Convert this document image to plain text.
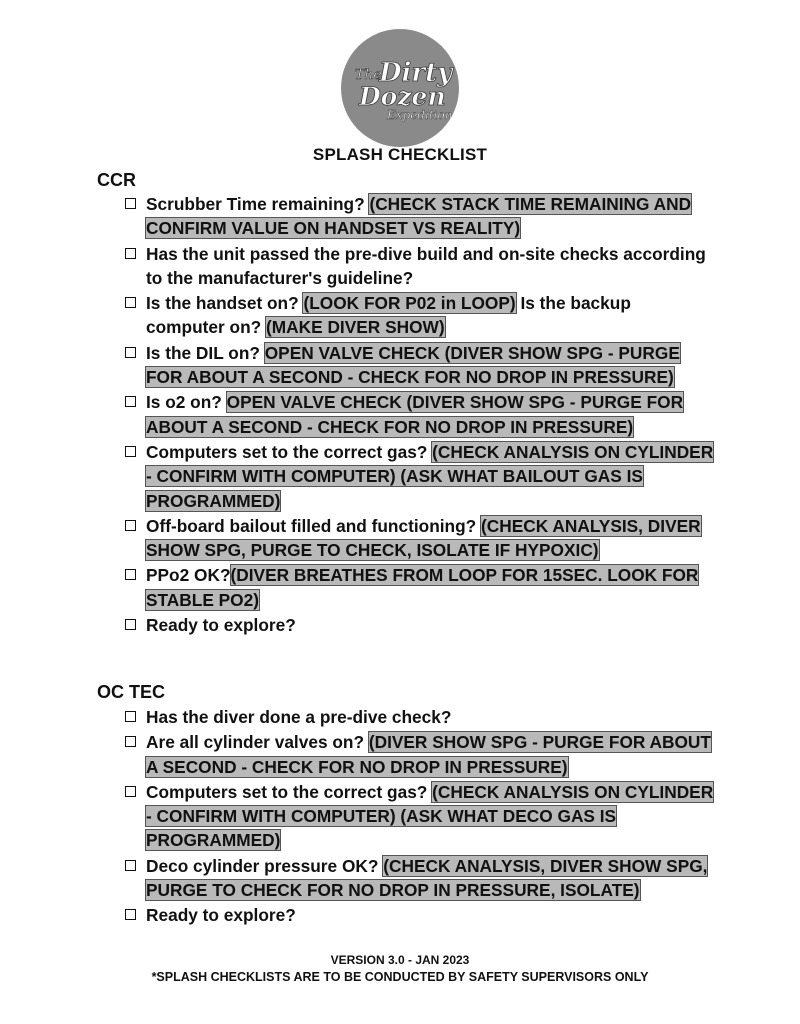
The
Dirty
Dozen
Expeditions
SPLASH CHECKLIST
CCR
Scrubber Time remaining? (CHECK STACK TIME REMAINING AND CONFIRM VALUE ON HANDSET VS REALITY)
Has the unit passed the pre-dive build and on-site checks according to the manufacturer's guideline?
Is the handset on? (LOOK FOR P02 in LOOP) Is the backup computer on? (MAKE DIVER SHOW)
Is the DIL on? OPEN VALVE CHECK (DIVER SHOW SPG - PURGE FOR ABOUT A SECOND - CHECK FOR NO DROP IN PRESSURE)
Is o2 on? OPEN VALVE CHECK (DIVER SHOW SPG - PURGE FOR ABOUT A SECOND - CHECK FOR NO DROP IN PRESSURE)
Computers set to the correct gas? (CHECK ANALYSIS ON CYLINDER - CONFIRM WITH COMPUTER) (ASK WHAT BAILOUT GAS IS PROGRAMMED)
Off-board bailout filled and functioning? (CHECK ANALYSIS, DIVER SHOW SPG, PURGE TO CHECK, ISOLATE IF HYPOXIC)
PPo2 OK?(DIVER BREATHES FROM LOOP FOR 15SEC. LOOK FOR STABLE PO2)
Ready to explore?
OC TEC
Has the diver done a pre-dive check?
Are all cylinder valves on? (DIVER SHOW SPG - PURGE FOR ABOUT A SECOND - CHECK FOR NO DROP IN PRESSURE)
Computers set to the correct gas? (CHECK ANALYSIS ON CYLINDER - CONFIRM WITH COMPUTER) (ASK WHAT DECO GAS IS PROGRAMMED)
Deco cylinder pressure OK? (CHECK ANALYSIS, DIVER SHOW SPG, PURGE TO CHECK FOR NO DROP IN PRESSURE, ISOLATE)
Ready to explore?
VERSION 3.0 - JAN 2023
*SPLASH CHECKLISTS ARE TO BE CONDUCTED BY SAFETY SUPERVISORS ONLY
